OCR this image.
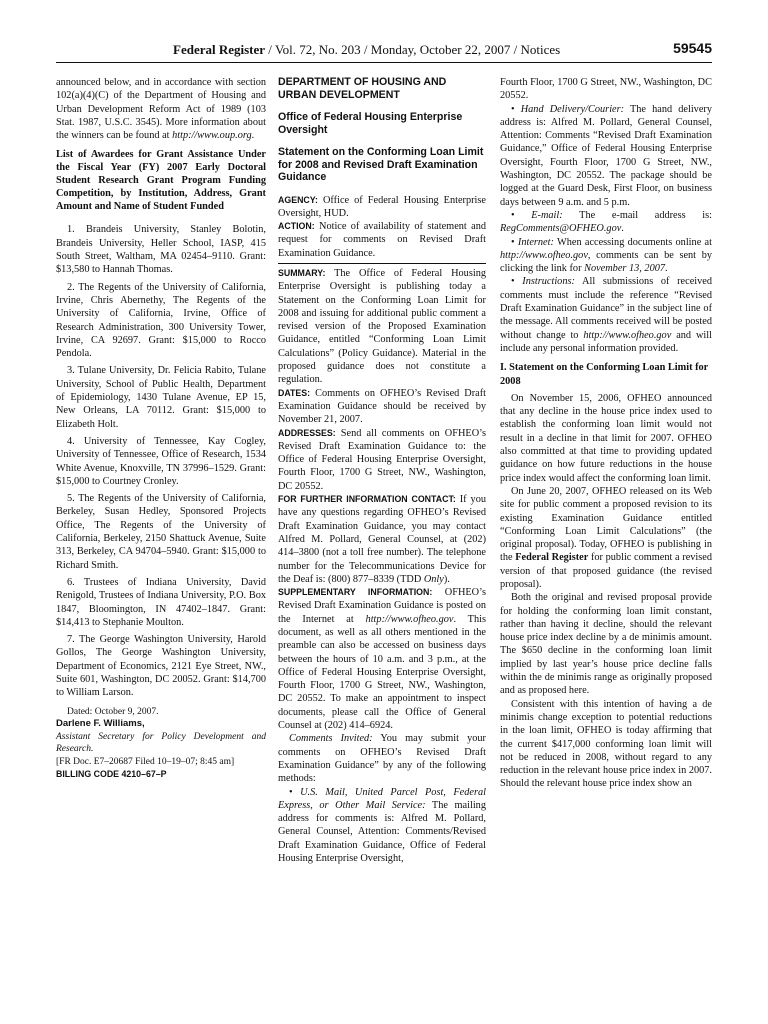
Federal Register / Vol. 72, No. 203 / Monday, October 22, 2007 / Notices	59545

announced below, and in accordance with section 102(a)(4)(C) of the Department of Housing and Urban Development Reform Act of 1989 (103 Stat. 1987, U.S.C. 3545). More information about the winners can be found at http://www.oup.org.

List of Awardees for Grant Assistance Under the Fiscal Year (FY) 2007 Early Doctoral Student Research Grant Program Funding Competition, by Institution, Address, Grant Amount and Name of Student Funded

1. Brandeis University, Stanley Bolotin, Brandeis University, Heller School, IASP, 415 South Street, Waltham, MA 02454–9110. Grant: $13,580 to Hannah Thomas.

2. The Regents of the University of California, Irvine, Chris Abernethy, The Regents of the University of California, Irvine, Office of Research Administration, 300 University Tower, Irvine, CA 92697. Grant: $15,000 to Rocco Pendola.

3. Tulane University, Dr. Felicia Rabito, Tulane University, School of Public Health, Department of Epidemiology, 1430 Tulane Avenue, EP 15, New Orleans, LA 70112. Grant: $15,000 to Elizabeth Holt.

4. University of Tennessee, Kay Cogley, University of Tennessee, Office of Research, 1534 White Avenue, Knoxville, TN 37996–1529. Grant: $15,000 to Courtney Cronley.

5. The Regents of the University of California, Berkeley, Susan Hedley, Sponsored Projects Office, The Regents of the University of California, Berkeley, 2150 Shattuck Avenue, Suite 313, Berkeley, CA 94704–5940. Grant: $15,000 to Richard Smith.

6. Trustees of Indiana University, David Renigold, Trustees of Indiana University, P.O. Box 1847, Bloomington, IN 47402–1847. Grant: $14,413 to Stephanie Moulton.

7. The George Washington University, Harold Gollos, The George Washington University, Department of Economics, 2121 Eye Street, NW., Suite 601, Washington, DC 20052. Grant: $14,700 to William Larson.

Dated: October 9, 2007.

Darlene F. Williams,

Assistant Secretary for Policy Development and Research.

[FR Doc. E7–20687 Filed 10–19–07; 8:45 am]

BILLING CODE 4210–67–P

DEPARTMENT OF HOUSING AND URBAN DEVELOPMENT

Office of Federal Housing Enterprise Oversight

Statement on the Conforming Loan Limit for 2008 and Revised Draft Examination Guidance

AGENCY: Office of Federal Housing Enterprise Oversight, HUD.

ACTION: Notice of availability of statement and request for comments on Revised Draft Examination Guidance.

SUMMARY: The Office of Federal Housing Enterprise Oversight is publishing today a Statement on the Conforming Loan Limit for 2008 and issuing for additional public comment a revised version of the Proposed Examination Guidance, entitled “Conforming Loan Limit Calculations” (Policy Guidance). Material in the proposed guidance does not constitute a regulation.

DATES: Comments on OFHEO’s Revised Draft Examination Guidance should be received by November 21, 2007.

ADDRESSES: Send all comments on OFHEO’s Revised Draft Examination Guidance to: the Office of Federal Housing Enterprise Oversight, Fourth Floor, 1700 G Street, NW., Washington, DC 20552.

FOR FURTHER INFORMATION CONTACT: If you have any questions regarding OFHEO’s Revised Draft Examination Guidance, you may contact Alfred M. Pollard, General Counsel, at (202) 414–3800 (not a toll free number). The telephone number for the Telecommunications Device for the Deaf is: (800) 877–8339 (TDD Only).

SUPPLEMENTARY INFORMATION: OFHEO’s Revised Draft Examination Guidance is posted on the Internet at http://www.ofheo.gov. This document, as well as all others mentioned in the preamble can also be accessed on business days between the hours of 10 a.m. and 3 p.m., at the Office of Federal Housing Enterprise Oversight, Fourth Floor, 1700 G Street, NW., Washington, DC 20552. To make an appointment to inspect documents, please call the Office of General Counsel at (202) 414–6924.

Comments Invited: You may submit your comments on OFHEO’s Revised Draft Examination Guidance” by any of the following methods:

• U.S. Mail, United Parcel Post, Federal Express, or Other Mail Service: The mailing address for comments is: Alfred M. Pollard, General Counsel, Attention: Comments/Revised Draft Examination Guidance, Office of Federal Housing Enterprise Oversight,

Fourth Floor, 1700 G Street, NW., Washington, DC 20552.

• Hand Delivery/Courier: The hand delivery address is: Alfred M. Pollard, General Counsel, Attention: Comments “Revised Draft Examination Guidance,” Office of Federal Housing Enterprise Oversight, Fourth Floor, 1700 G Street, NW., Washington, DC 20552. The package should be logged at the Guard Desk, First Floor, on business days between 9 a.m. and 5 p.m.

• E-mail: The e-mail address is: RegComments@OFHEO.gov.

• Internet: When accessing documents online at http://www.ofheo.gov, comments can be sent by clicking the link for November 13, 2007.

• Instructions: All submissions of received comments must include the reference “Revised Draft Examination Guidance” in the subject line of the message. All comments received will be posted without change to http://www.ofheo.gov and will include any personal information provided.

I. Statement on the Conforming Loan Limit for 2008

On November 15, 2006, OFHEO announced that any decline in the house price index used to establish the conforming loan limit would not result in a decline in that limit for 2007. OFHEO also committed at that time to providing updated guidance on how future reductions in the house price index would affect the conforming loan limit.

On June 20, 2007, OFHEO released on its Web site for public comment a proposed revision to its existing Examination Guidance entitled “Conforming Loan Limit Calculations” (the original proposal). Today, OFHEO is publishing in the Federal Register for public comment a revised version of that proposed guidance (the revised proposal).

Both the original and revised proposal provide for holding the conforming loan limit constant, rather than having it decline, should the relevant house price index decline by a de minimis amount. The $650 decline in the conforming loan limit implied by last year’s house price decline falls within the de minimis range as originally proposed and as proposed here.

Consistent with this intention of having a de minimis change exception to potential reductions in the loan limit, OFHEO is today affirming that the current $417,000 conforming loan limit will not be reduced in 2008, without regard to any reduction in the relevant house price index in 2007. Should the relevant house price index show an
